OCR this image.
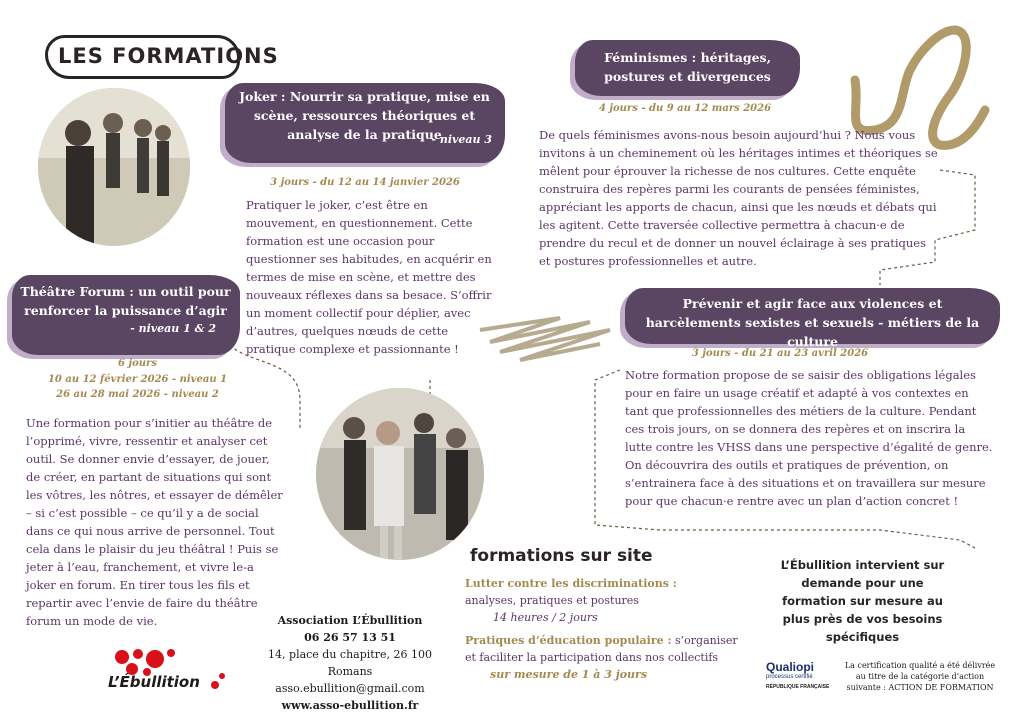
LES FORMATIONS
Joker : Nourrir sa pratique, mise en scène, ressources théoriques et analyse de la pratique
- niveau 3
3 jours - du 12 au 14 janvier 2026
Pratiquer le joker, c’est être en mouvement, en questionnement. Cette formation est une occasion pour questionner ses habitudes, en acquérir en termes de mise en scène, et mettre des nouveaux réflexes dans sa besace. S’offrir un moment collectif pour déplier, avec d’autres, quelques nœuds de cette pratique complexe et passionnante !
Théâtre Forum : un outil pour renforcer la puissance d’agir
- niveau 1 & 2
6 jours
10 au 12 février 2026 - niveau 1
26 au 28 mai 2026 - niveau 2
Une formation pour s’initier au théâtre de l’opprimé, vivre, ressentir et analyser cet outil. Se donner envie d’essayer, de jouer, de créer, en partant de situations qui sont les vôtres, les nôtres, et essayer de démêler – si c’est possible – ce qu’il y a de social dans ce qui nous arrive de personnel. Tout cela dans le plaisir du jeu théâtral ! Puis se jeter à l’eau, franchement, et vivre le-a joker en forum. En tirer tous les fils et repartir avec l’envie de faire du théâtre forum un mode de vie.
Féminismes : héritages, postures et divergences
4 jours - du 9 au 12 mars 2026
De quels féminismes avons-nous besoin aujourd’hui ? Nous vous invitons à un cheminement où les héritages intimes et théoriques se mêlent pour éprouver la richesse de nos cultures. Cette enquête construira des repères parmi les courants de pensées féministes, appréciant les apports de chacun, ainsi que les nœuds et débats qui les agitent. Cette traversée collective permettra à chacun·e de prendre du recul et de donner un nouvel éclairage à ses pratiques et postures professionnelles et autre.
Prévenir et agir face aux violences et harcèlements sexistes et sexuels - métiers de la culture
3 jours - du 21 au 23 avril 2026
Notre formation propose de se saisir des obligations légales pour en faire un usage créatif et adapté à vos contextes en tant que professionnelles des métiers de la culture. Pendant ces trois jours, on se donnera des repères et on inscrira la lutte contre les VHSS dans une perspective d’égalité de genre. On découvrira des outils et pratiques de prévention, on s’entrainera face à des situations et on travaillera sur mesure pour que chacun·e rentre avec un plan d’action concret !
formations sur site
Lutter contre les discriminations :
analyses, pratiques et postures
14 heures / 2 jours
Pratiques d’éducation populaire : s’organiser
et faciliter la participation dans nos collectifs
sur mesure de 1 à 3 jours
L’Ébullition intervient sur demande pour une formation sur mesure au plus près de vos besoins spécifiques
Association L’Ébullition
06 26 57 13 51
14, place du chapitre, 26 100 Romans
asso.ebullition@gmail.com
www.asso-ebullition.fr
L’Ébullition
Qualiopi
processus certifié
RÉPUBLIQUE FRANÇAISE
La certification qualité a été délivrée au titre de la catégorie d’action suivante : ACTION DE FORMATION
